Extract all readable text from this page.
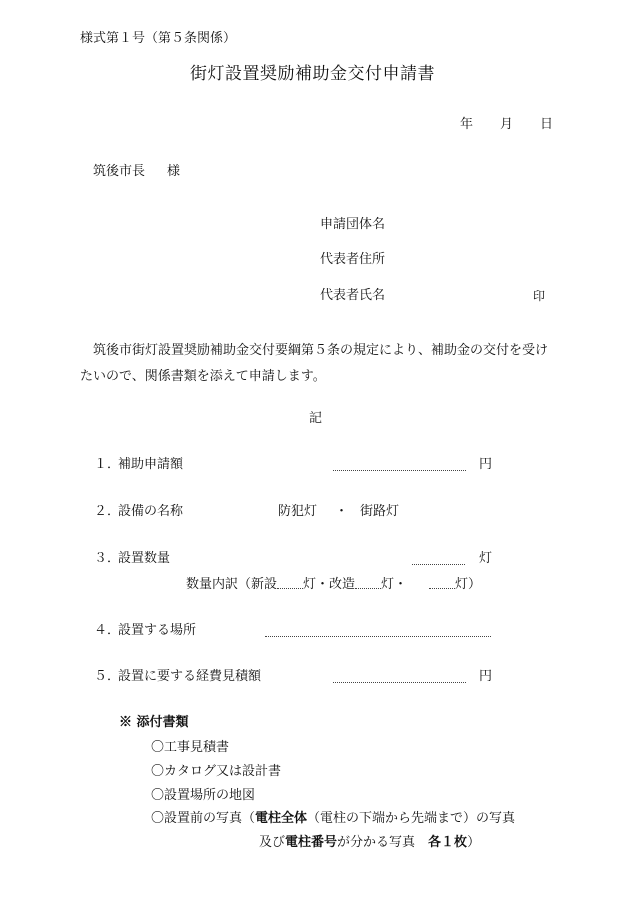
様式第１号（第５条関係）
街灯設置奨励補助金交付申請書
年 月 日
筑後市長 様
申請団体名
代表者住所
代表者氏名	印
筑後市街灯設置奨励補助金交付要綱第５条の規定により、補助金の交付を受けたいので、関係書類を添えて申請します。
記
１．
補助申請額	円
２．
設備の名称	防犯灯 ・ 街路灯
３．
設置数量	灯
数量内訳（新設 灯・改造 灯・	灯）
４．
設置する場所
５．
設置に要する経費見積額	円
※ 添付書類
〇工事見積書
〇カタログ又は設計書
〇設置場所の地図
〇設置前の写真（電柱全体（電柱の下端から先端まで）の写真
及び電柱番号が分かる写真　各１枚）
